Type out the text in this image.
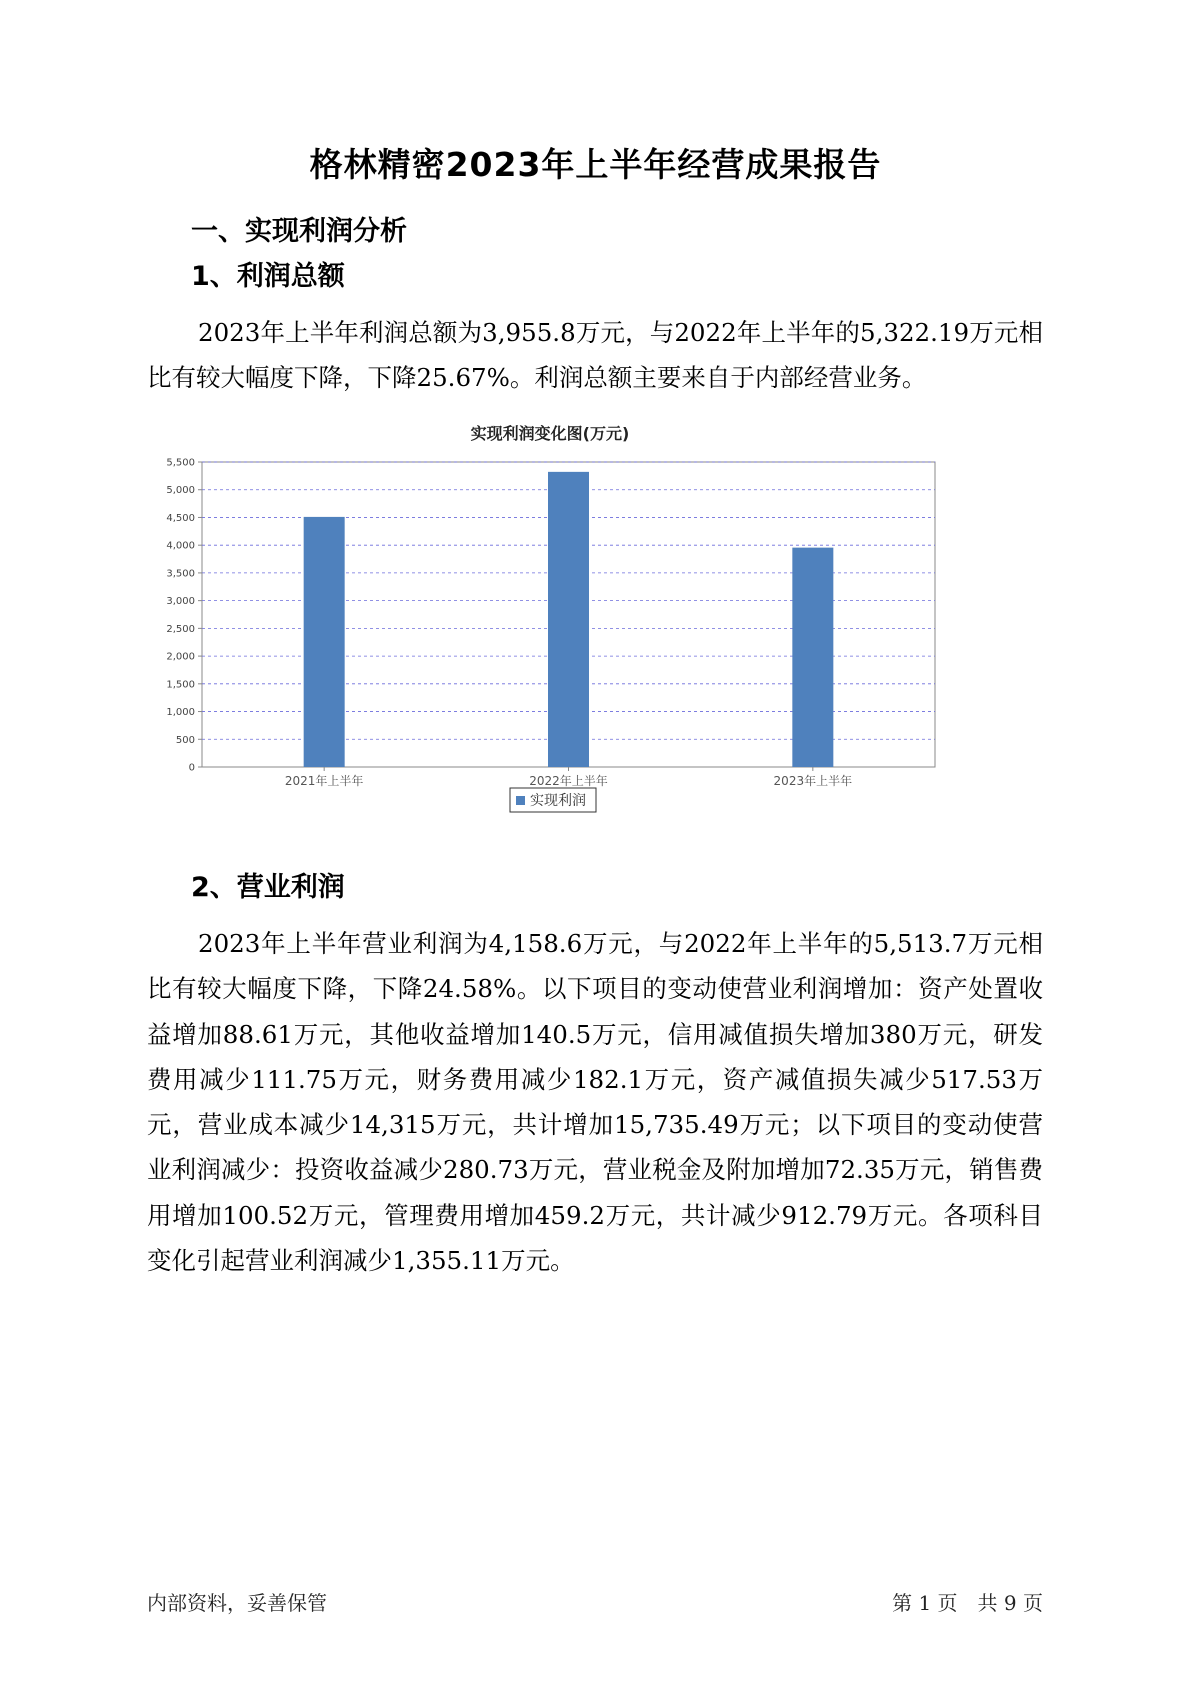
格林精密2023年上半年经营成果报告
一、实现利润分析
1、利润总额

2023年上半年利润总额为3,955.8万元，与2022年上半年的5,322.19万元相比有较大幅度下降，下降25.67%。利润总额主要来自于内部经营业务。

实现利润变化图(万元)
0
500
1,000
1,500
2,000
2,500
3,000
3,500
4,000
4,500
5,000
5,500
2021年上半年	2022年上半年	2023年上半年
实现利润
2、营业利润

2023年上半年营业利润为4,158.6万元，与2022年上半年的5,513.7万元相比有较大幅度下降，下降24.58%。以下项目的变动使营业利润增加：资产处置收益增加88.61万元，其他收益增加140.5万元，信用减值损失增加380万元，研发费用减少111.75万元，财务费用减少182.1万元，资产减值损失减少517.53万元，营业成本减少14,315万元，共计增加15,735.49万元；以下项目的变动使营业利润减少：投资收益减少280.73万元，营业税金及附加增加72.35万元，销售费用增加100.52万元，管理费用增加459.2万元，共计减少912.79万元。各项科目变化引起营业利润减少1,355.11万元。

内部资料，妥善保管	第 1 页　共 9 页
